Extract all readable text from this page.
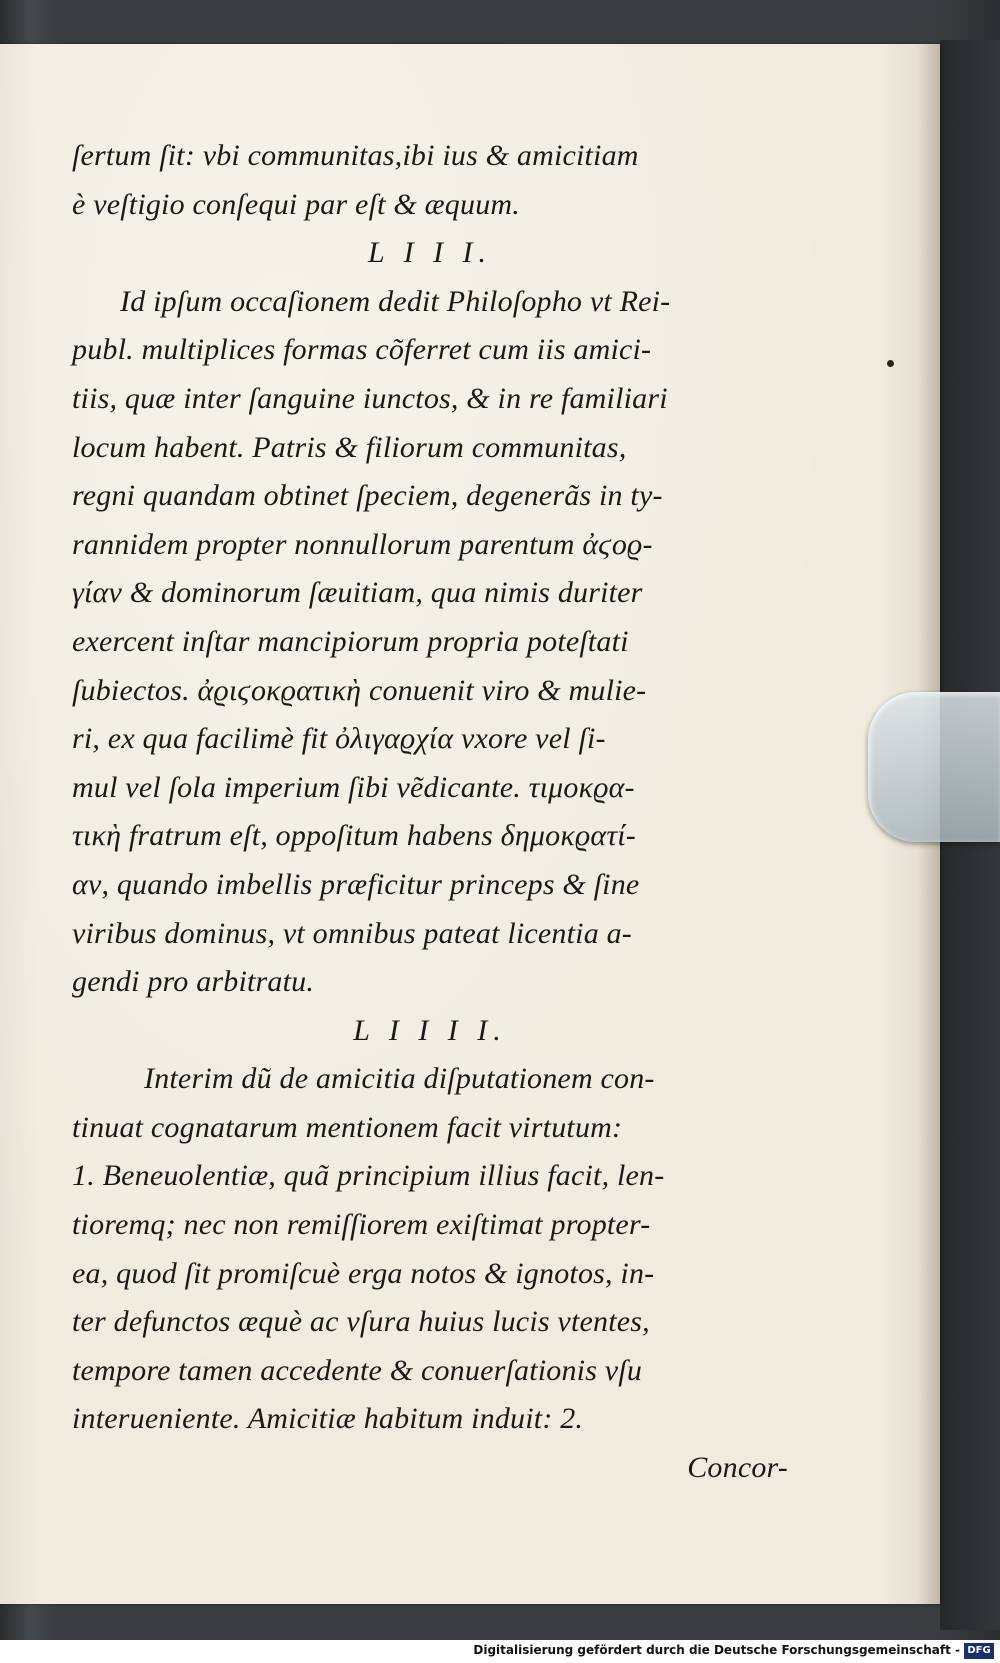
ſertum ſit: vbi communitas,ibi ius & amicitiam
è veſtigio conſequi par eſt & æquum.
L I I I.
Id ipſum occaſionem dedit Philoſopho vt Rei-
publ. multiplices formas cõferret cum iis amici-
tiis, quæ inter ſanguine iunctos, & in re familiari
locum habent. Patris & filiorum communitas,
regni quandam obtinet ſpeciem, degenerãs in ty-
rannidem propter nonnullorum parentum ἀϛοϱ-
γίαν & dominorum ſæuitiam, qua nimis duriter
exercent inſtar mancipiorum propria poteſtati
ſubiectos. ἀϱιϛοκϱατικὴ conuenit viro & mulie-
ri, ex qua facilimè fit ὀλιγαϱχία vxore vel ſi-
mul vel ſola imperium ſibi vẽdicante. τιμοκϱα-
τικὴ fratrum eſt, oppoſitum habens δημοκϱατί-
αν, quando imbellis præficitur princeps & ſine
viribus dominus, vt omnibus pateat licentia a-
gendi pro arbitratu.
L I I I I.
Interim dũ de amicitia diſputationem con-
tinuat cognatarum mentionem facit virtutum:
1. Beneuolentiæ, quã principium illius facit, len-
tioremq; nec non remiſſiorem exiſtimat propter-
ea, quod ſit promiſcuè erga notos & ignotos, in-
ter defunctos æquè ac vſura huius lucis vtentes,
tempore tamen accedente & conuerſationis vſu
interueniente. Amicitiæ habitum induit: 2.
Concor-
Digitalisierung gefördert durch die Deutsche Forschungsgemeinschaft - DFG
